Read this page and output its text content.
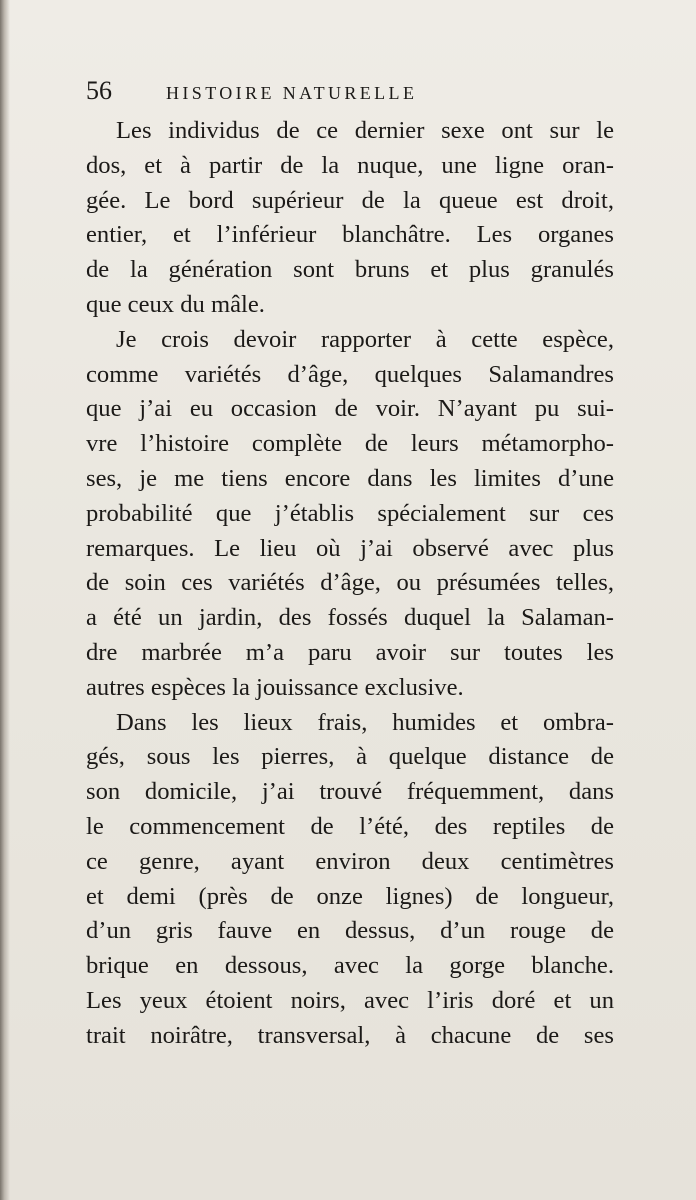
56	HISTOIRE NATURELLE
Les individus de ce dernier sexe ont sur le
dos, et à partir de la nuque, une ligne oran-
gée. Le bord supérieur de la queue est droit,
entier, et l’inférieur blanchâtre. Les organes
de la génération sont bruns et plus granulés
que ceux du mâle.
Je crois devoir rapporter à cette espèce,
comme variétés d’âge, quelques Salamandres
que j’ai eu occasion de voir. N’ayant pu sui-
vre l’histoire complète de leurs métamorpho-
ses, je me tiens encore dans les limites d’une
probabilité que j’établis spécialement sur ces
remarques. Le lieu où j’ai observé avec plus
de soin ces variétés d’âge, ou présumées telles,
a été un jardin, des fossés duquel la Salaman-
dre marbrée m’a paru avoir sur toutes les
autres espèces la jouissance exclusive.
Dans les lieux frais, humides et ombra-
gés, sous les pierres, à quelque distance de
son domicile, j’ai trouvé fréquemment, dans
le commencement de l’été, des reptiles de
ce genre, ayant environ deux centimètres
et demi (près de onze lignes) de longueur,
d’un gris fauve en dessus, d’un rouge de
brique en dessous, avec la gorge blanche.
Les yeux étoient noirs, avec l’iris doré et un
trait noirâtre, transversal, à chacune de ses
